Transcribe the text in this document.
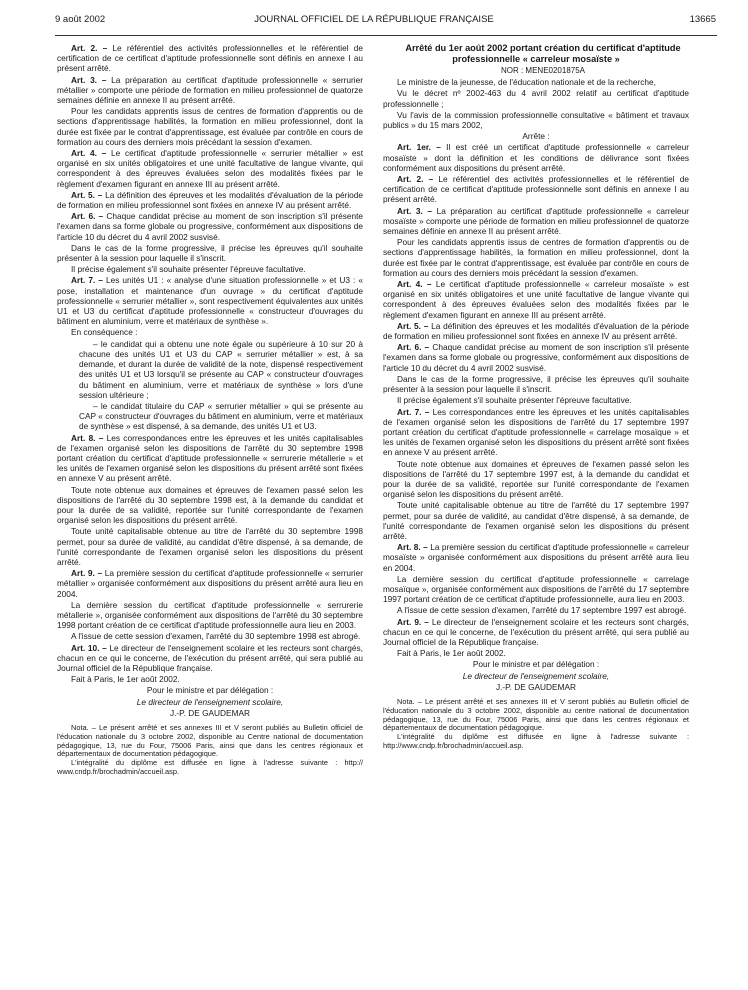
9 août 2002	JOURNAL OFFICIEL DE LA RÉPUBLIQUE FRANÇAISE	13665

Art. 2. – Le référentiel des activités professionnelles et le référentiel de certification de ce certificat d'aptitude professionnelle sont définis en annexe I au présent arrêté.

Art. 3. – La préparation au certificat d'aptitude professionnelle « serrurier métallier » comporte une période de formation en milieu professionnel de quatorze semaines définie en annexe II au présent arrêté.

Pour les candidats apprentis issus de centres de formation d'apprentis ou de sections d'apprentissage habilités, la formation en milieu professionnel, dont la durée est fixée par le contrat d'apprentissage, est évaluée par contrôle en cours de formation au cours des derniers mois précédant la session d'examen.

Art. 4. – Le certificat d'aptitude professionnelle « serrurier métallier » est organisé en six unités obligatoires et une unité facultative de langue vivante, qui correspondent à des épreuves évaluées selon des modalités fixées par le règlement d'examen figurant en annexe III au présent arrêté.

Art. 5. – La définition des épreuves et les modalités d'évaluation de la période de formation en milieu professionnel sont fixées en annexe IV au présent arrêté.

Art. 6. – Chaque candidat précise au moment de son inscription s'il présente l'examen dans sa forme globale ou progressive, conformément aux dispositions de l'article 10 du décret du 4 avril 2002 susvisé.

Dans le cas de la forme progressive, il précise les épreuves qu'il souhaite présenter à la session pour laquelle il s'inscrit.

Il précise également s'il souhaite présenter l'épreuve facultative.

Art. 7. – Les unités U1 : « analyse d'une situation professionnelle » et U3 : « pose, installation et maintenance d'un ouvrage » du certificat d'aptitude professionnelle « serrurier métallier », sont respectivement équivalentes aux unités U1 et U3 du certificat d'aptitude professionnelle « constructeur d'ouvrages du bâtiment en aluminium, verre et matériaux de synthèse ».

En conséquence :

– le candidat qui a obtenu une note égale ou supérieure à 10 sur 20 à chacune des unités U1 et U3 du CAP « serrurier métallier » est, à sa demande, et durant la durée de validité de la note, dispensé respectivement des unités U1 et U3 lorsqu'il se présente au CAP « constructeur d'ouvrages du bâtiment en aluminium, verre et matériaux de synthèse » lors d'une session ultérieure ;

– le candidat titulaire du CAP « serrurier métallier » qui se présente au CAP « constructeur d'ouvrages du bâtiment en aluminium, verre et matériaux de synthèse » est dispensé, à sa demande, des unités U1 et U3.

Art. 8. – Les correspondances entre les épreuves et les unités capitalisables de l'examen organisé selon les dispositions de l'arrêté du 30 septembre 1998 portant création du certificat d'aptitude professionnelle « serrurerie métallerie » et les unités de l'examen organisé selon les dispositions du présent arrêté sont fixées en annexe V au présent arrêté.

Toute note obtenue aux domaines et épreuves de l'examen passé selon les dispositions de l'arrêté du 30 septembre 1998 est, à la demande du candidat et pour la durée de sa validité, reportée sur l'unité correspondante de l'examen organisé selon les dispositions du présent arrêté.

Toute unité capitalisable obtenue au titre de l'arrêté du 30 septembre 1998 permet, pour sa durée de validité, au candidat d'être dispensé, à sa demande, de l'unité correspondante de l'examen organisé selon les dispositions du présent arrêté.

Art. 9. – La première session du certificat d'aptitude professionnelle « serrurier métallier » organisée conformément aux dispositions du présent arrêté aura lieu en 2004.

La dernière session du certificat d'aptitude professionnelle « serrurerie métallerie », organisée conformément aux dispositions de l'arrêté du 30 septembre 1998 portant création de ce certificat d'aptitude professionnelle aura lieu en 2003.

A l'issue de cette session d'examen, l'arrêté du 30 septembre 1998 est abrogé.

Art. 10. – Le directeur de l'enseignement scolaire et les recteurs sont chargés, chacun en ce qui le concerne, de l'exécution du présent arrêté, qui sera publié au Journal officiel de la République française.

Fait à Paris, le 1er août 2002.

Pour le ministre et par délégation :

Le directeur de l'enseignement scolaire,

J.-P. DE GAUDEMAR

Nota. – Le présent arrêté et ses annexes III et V seront publiés au Bulletin officiel de l'éducation nationale du 3 octobre 2002, disponible au Centre national de documentation pédagogique, 13, rue du Four, 75006 Paris, ainsi que dans les centres régionaux et départementaux de documentation pédagogique.

L'intégralité du diplôme est diffusée en ligne à l'adresse suivante : http:// www.cndp.fr/brochadmin/accueil.asp.

Arrêté du 1er août 2002 portant création du certificat d'aptitude professionnelle « carreleur mosaïste »

NOR : MENE0201875A

Le ministre de la jeunesse, de l'éducation nationale et de la recherche,

Vu le décret nº 2002-463 du 4 avril 2002 relatif au certificat d'aptitude professionnelle ;

Vu l'avis de la commission professionnelle consultative « bâtiment et travaux publics » du 15 mars 2002,

Arrête :

Art. 1er. – Il est créé un certificat d'aptitude professionnelle « carreleur mosaïste » dont la définition et les conditions de délivrance sont fixées conformément aux dispositions du présent arrêté.

Art. 2. – Le référentiel des activités professionnelles et le référentiel de certification de ce certificat d'aptitude professionnelle sont définis en annexe I au présent arrêté.

Art. 3. – La préparation au certificat d'aptitude professionnelle « carreleur mosaïste » comporte une période de formation en milieu professionnel de quatorze semaines définie en annexe II au présent arrêté.

Pour les candidats apprentis issus de centres de formation d'apprentis ou de sections d'apprentissage habilités, la formation en milieu professionnel, dont la durée est fixée par le contrat d'apprentissage, est évaluée par contrôle en cours de formation au cours des derniers mois précédant la session d'examen.

Art. 4. – Le certificat d'aptitude professionnelle « carreleur mosaïste » est organisé en six unités obligatoires et une unité facultative de langue vivante qui correspondent à des épreuves évaluées selon des modalités fixées par le règlement d'examen figurant en annexe III au présent arrêté.

Art. 5. – La définition des épreuves et les modalités d'évaluation de la période de formation en milieu professionnel sont fixées en annexe IV au présent arrêté.

Art. 6. – Chaque candidat précise au moment de son inscription s'il présente l'examen dans sa forme globale ou progressive, conformément aux dispositions de l'article 10 du décret du 4 avril 2002 susvisé.

Dans le cas de la forme progressive, il précise les épreuves qu'il souhaite présenter à la session pour laquelle il s'inscrit.

Il précise également s'il souhaite présenter l'épreuve facultative.

Art. 7. – Les correspondances entre les épreuves et les unités capitalisables de l'examen organisé selon les dispositions de l'arrêté du 17 septembre 1997 portant création du certificat d'aptitude professionnelle « carrelage mosaïque » et les unités de l'examen organisé selon les dispositions du présent arrêté sont fixées en annexe V au présent arrêté.

Toute note obtenue aux domaines et épreuves de l'examen passé selon les dispositions de l'arrêté du 17 septembre 1997 est, à la demande du candidat et pour la durée de sa validité, reportée sur l'unité correspondante de l'examen organisé selon les dispositions du présent arrêté.

Toute unité capitalisable obtenue au titre de l'arrêté du 17 septembre 1997 permet, pour sa durée de validité, au candidat d'être dispensé, à sa demande, de l'unité correspondante de l'examen organisé selon les dispositions du présent arrêté.

Art. 8. – La première session du certificat d'aptitude professionnelle « carreleur mosaïste » organisée conformément aux dispositions du présent arrêté aura lieu en 2004.

La dernière session du certificat d'aptitude professionnelle « carrelage mosaïque », organisée conformément aux dispositions de l'arrêté du 17 septembre 1997 portant création de ce certificat d'aptitude professionnelle, aura lieu en 2003.

A l'issue de cette session d'examen, l'arrêté du 17 septembre 1997 est abrogé.

Art. 9. – Le directeur de l'enseignement scolaire et les recteurs sont chargés, chacun en ce qui le concerne, de l'exécution du présent arrêté, qui sera publié au Journal officiel de la République française.

Fait à Paris, le 1er août 2002.

Pour le ministre et par délégation :

Le directeur de l'enseignement scolaire,

J.-P. DE GAUDEMAR

Nota. – Le présent arrêté et ses annexes III et V seront publiés au Bulletin officiel de l'éducation nationale du 3 octobre 2002, disponible au centre national de documentation pédagogique, 13, rue du Four, 75006 Paris, ainsi que dans les centres régionaux et départementaux de documentation pédagogique.

L'intégralité du diplôme est diffusée en ligne à l'adresse suivante : http://www.cndp.fr/brochadmin/accueil.asp.
